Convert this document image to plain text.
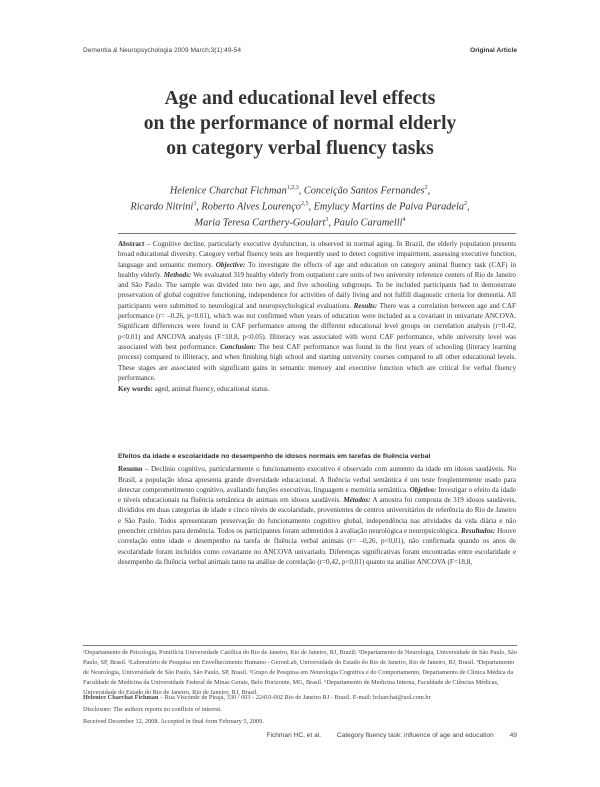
Dementia & Neuropsychologia 2009 March;3(1):49-54	Original Article
Age and educational level effects
on the performance of normal elderly
on category verbal fluency tasks
Helenice Charchat Fichman$^{1,2,3}$, Conceição Santos Fernandes$^2$,
Ricardo Nitrini$^3$, Roberto Alves Lourenço$^{2,5}$, Emylucy Martins de Paiva Paradela$^2$,
Maria Teresa Carthery-Goulart$^3$, Paulo Caramelli$^4$
Abstract – Cognitive decline, particularly executive dysfunction, is observed in normal aging. In Brazil, the elderly population presents broad educational diversity. Category verbal fluency tests are frequently used to detect cognitive impairment, assessing executive function, language and semantic memory. Objective: To investigate the effects of age and education on category animal fluency task (CAF) in healthy elderly. Methods: We evaluated 319 healthy elderly from outpatient care units of two university reference centers of Rio de Janeiro and São Paulo. The sample was divided into two age, and five schooling subgroups. To be included participants had to demonstrate preservation of global cognitive functioning, independence for activities of daily living and not fulfill diagnostic criteria for dementia. All participants were submitted to neurological and neuropsychological evaluations. Results: There was a correlation between age and CAF performance (r= –0.26, p<0.01), which was not confirmed when years of education were included as a covariant in univariate ANCOVA. Significant differences were found in CAF performance among the different educational level groups on correlation analysis (r=0.42, p<0.01) and ANCOVA analysis (F=18.8, p<0.05). Illiteracy was associated with worst CAF performance, while university level was associated with best performance. Conclusion: The best CAF performance was found in the first years of schooling (literacy learning process) compared to illiteracy, and when finishing high school and starting university courses compared to all other educational levels. These stages are associated with significant gains in semantic memory and executive function which are critical for verbal fluency performance.
Key words: aged, animal fluency, educational status.
Efeitos da idade e escolaridade no desempenho de idosos normais em tarefas de fluência verbal
Resumo – Declínio cognitivo, particularmente o funcionamento executivo é observado com aumento da idade em idosos saudáveis. No Brasil, a população idosa apresenta grande diversidade educacional. A fluência verbal semântica é um teste freqüentemente usado para detectar comprometimento cognitivo, avaliando funções executivas, linguagem e memória semântica. Objetivo: Investigar o efeito da idade e níveis educacionais na fluência semântica de animais em idosos saudáveis. Métodos: A amostra foi composta de 319 idosos saudáveis, divididos em duas categorias de idade e cinco níveis de escolaridade, provenientes de centros universitários de referência do Rio de Janeiro e São Paulo. Todos apresentaram preservação do funcionamento cognitivo global, independência nas atividades da vida diária e não preencher critérios para demência. Todos os participantes foram submetidos à avaliação neurológica e neuropsicológica. Resultados: Houve correlação entre idade e desempenho na tarefa de fluência verbal animais (r= –0,26, p<0,01), não confirmada quando os anos de escolaridade foram incluídos como covariante no ANCOVA univariado. Diferenças significativas foram encontradas entre escolaridade e desempenho da fluência verbal animais tanto na análise de correlação (r=0,42, p<0,01) quanto na análise ANCOVA (F=18,8,
¹Departamento de Psicologia, Pontifícia Universidade Católica do Rio de Janeiro, Rio de Janeiro, RJ, Brazil; ²Departamento de Neurologia, Universidade de São Paulo, São Paulo, SP, Brasil. ³Laboratório de Pesquisa em Envelhecimento Humano - GeronLab, Universidade do Estado do Rio de Janeiro, Rio de Janeiro, RJ, Brasil. ⁴Departamento de Neurologia, Universidade de São Paulo, São Paulo, SP, Brasil. ⁵Grupo de Pesquisa em Neurologia Cognitiva e do Comportamento, Departamento de Clínica Médica da Faculdade de Medicina da Universidade Federal de Minas Gerais, Belo Horizonte, MG, Brasil. ⁶Departamento de Medicina Interna, Faculdade de Ciências Médicas, Universidade do Estado do Rio de Janeiro, Rio de Janeiro, RJ, Brasil.
Helenice Charchat Fichman – Rua Visconde de Pirajá, 330 / 603 - 22410-002 Rio de Janeiro RJ - Brasil. E-mail: hcharchat@uol.com.br
Disclosure: The authors reports no conflicts of interest.
Received December 12, 2008. Accepted in final form February 5, 2009.
Fichman HC, et al. Category fluency task: influence of age and education 49
